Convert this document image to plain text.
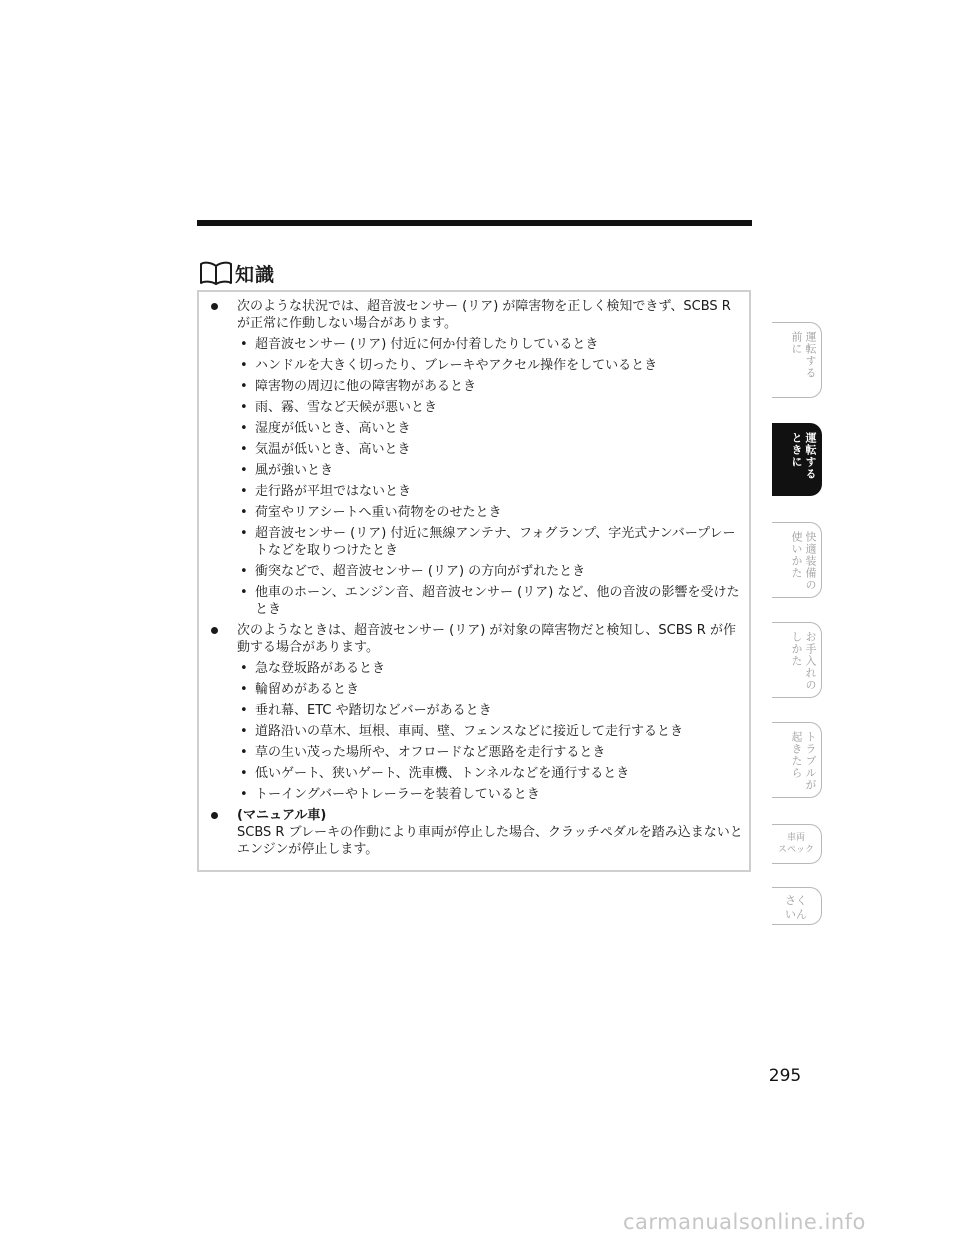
知識
次のような状況では、超音波センサー (リア) が障害物を正しく検知できず、SCBS R が正常に作動しない場合があります。
• 超音波センサー (リア) 付近に何か付着したりしているとき
• ハンドルを大きく切ったり、ブレーキやアクセル操作をしているとき
• 障害物の周辺に他の障害物があるとき
• 雨、霧、雪など天候が悪いとき
• 湿度が低いとき、高いとき
• 気温が低いとき、高いとき
• 風が強いとき
• 走行路が平坦ではないとき
• 荷室やリアシートへ重い荷物をのせたとき
• 超音波センサー (リア) 付近に無線アンテナ、フォグランプ、字光式ナンバープレートなどを取りつけたとき
• 衝突などで、超音波センサー (リア) の方向がずれたとき
• 他車のホーン、エンジン音、超音波センサー (リア) など、他の音波の影響を受けたとき
次のようなときは、超音波センサー (リア) が対象の障害物だと検知し、SCBS R が作動する場合があります。
• 急な登坂路があるとき
• 輪留めがあるとき
• 垂れ幕、ETC や踏切などバーがあるとき
• 道路沿いの草木、垣根、車両、壁、フェンスなどに接近して走行するとき
• 草の生い茂った場所や、オフロードなど悪路を走行するとき
• 低いゲート、狭いゲート、洗車機、トンネルなどを通行するとき
• トーイングバーやトレーラーを装着しているとき
(マニュアル車)
SCBS R ブレーキの作動により車両が停止した場合、クラッチペダルを踏み込まないとエンジンが停止します。
運転する
前に
運転する
ときに
快適装備の
使いかた
お手入れの
しかた
トラブルが
起きたら
車両
スペック
さく
いん
295
carmanualsonline.info
